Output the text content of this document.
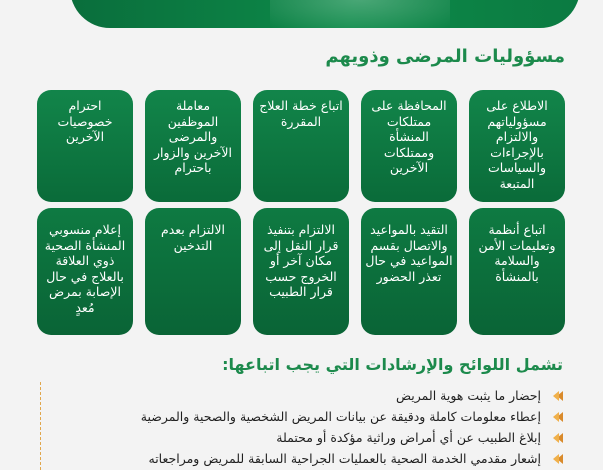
مسؤوليات المرضى وذويهم
الاطلاع على مسؤولياتهم والالتزام بالإجراءات والسياسات المتبعة
اتباع أنظمة وتعليمات الأمن والسلامة بالمنشأة
المحافظة على ممتلكات المنشأة وممتلكات الآخرين
التقيد بالمواعيد والاتصال بقسم المواعيد في حال تعذر الحضور
اتباع خطة العلاج المقررة
الالتزام بتنفيذ قرار النقل إلى مكان آخر أو الخروج حسب قرار الطبيب
معاملة الموظفين والمرضى الآخرين والزوار باحترام
الالتزام بعدم التدخين
احترام خصوصيات الآخرين
إعلام منسوبي المنشأة الصحية ذوي العلاقة بالعلاج في حال الإصابة بمرض مُعدٍ
تشمل اللوائح والإرشادات التي يجب اتباعها:
إحضار ما يثبت هوية المريض
إعطاء معلومات كاملة ودقيقة عن بيانات المريض الشخصية والصحية والمرضية
إبلاغ الطبيب عن أي أمراض وراثية مؤكدة أو محتملة
إشعار مقدمي الخدمة الصحية بالعمليات الجراحية السابقة للمريض ومراجعاته
